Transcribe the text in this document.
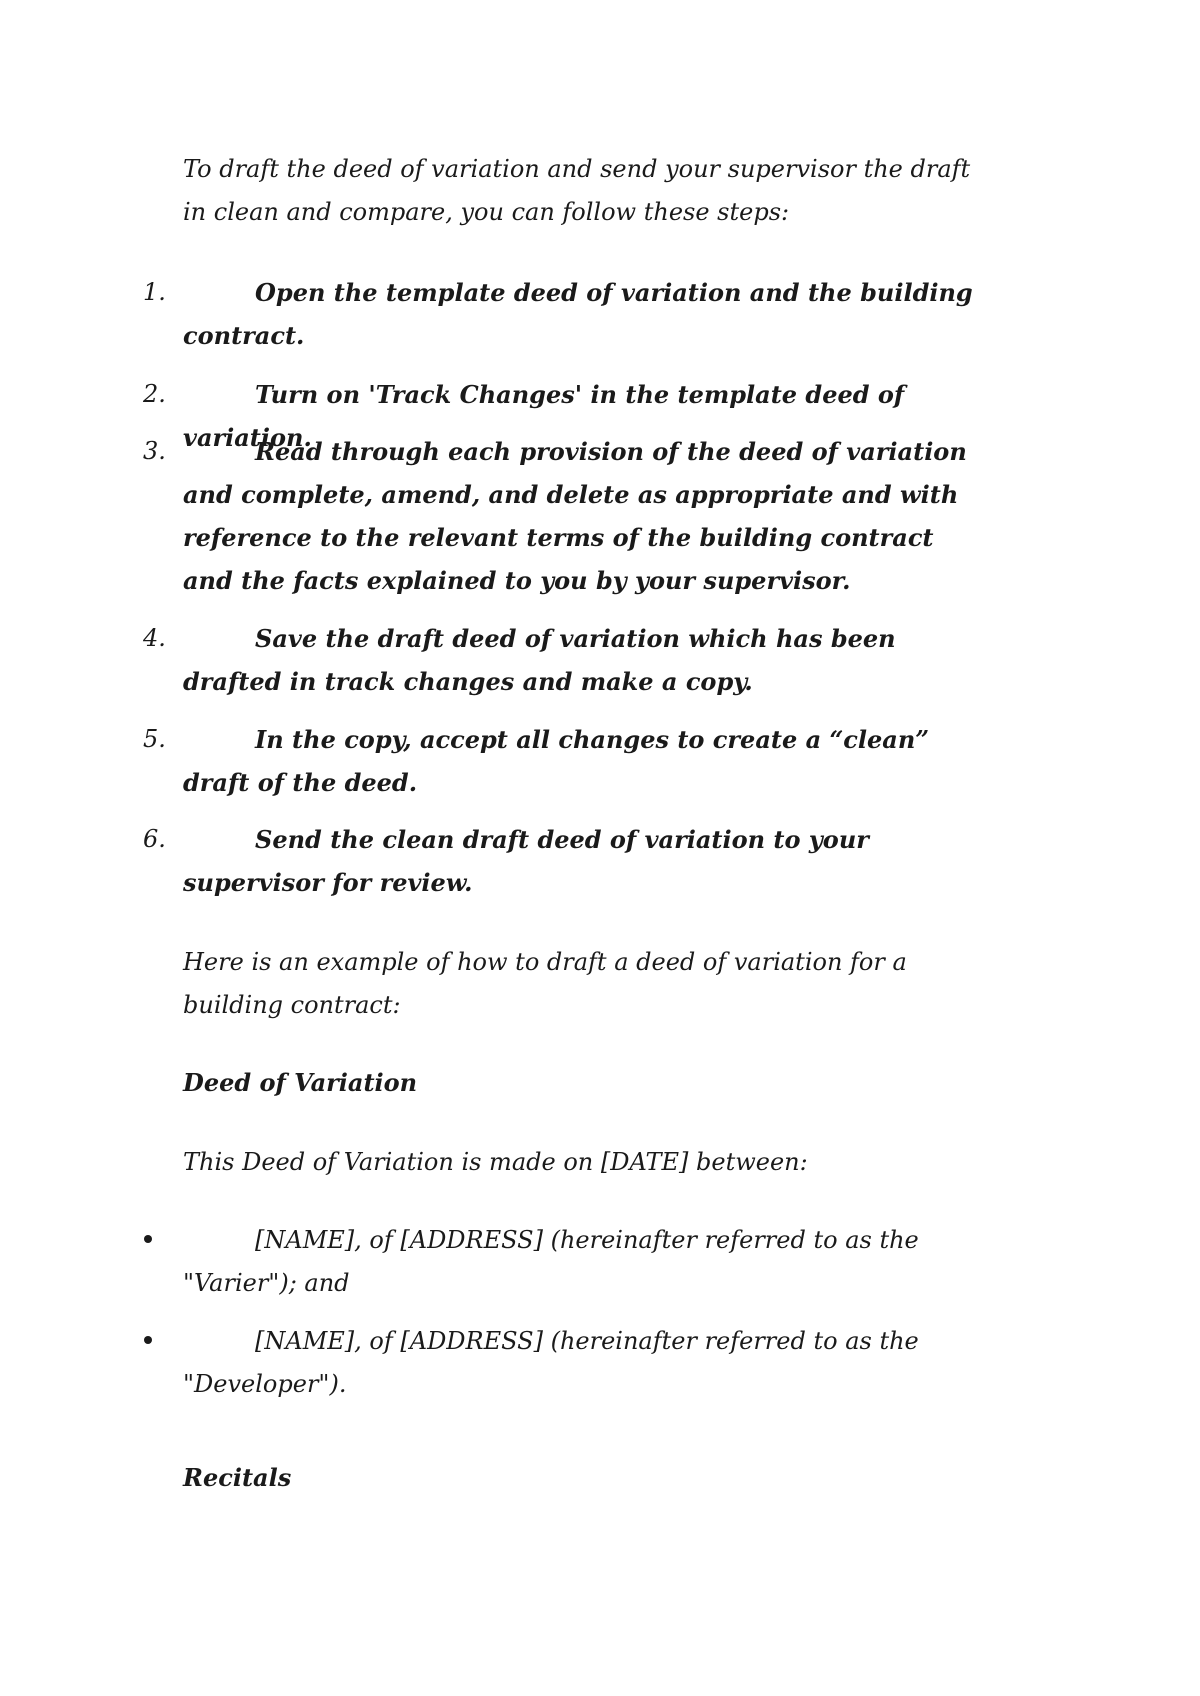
To draft the deed of variation and send your supervisor the draft in clean and compare, you can follow these steps:

1.	Open the template deed of variation and the building contract.
2.	Turn on 'Track Changes' in the template deed of variation.
3.	Read through each provision of the deed of variation and complete, amend, and delete as appropriate and with reference to the relevant terms of the building contract and the facts explained to you by your supervisor.
4.	Save the draft deed of variation which has been drafted in track changes and make a copy.
5.	In the copy, accept all changes to create a “clean” draft of the deed.
6.	Send the clean draft deed of variation to your supervisor for review.

Here is an example of how to draft a deed of variation for a building contract:

Deed of Variation

This Deed of Variation is made on [DATE] between:

[NAME], of [ADDRESS] (hereinafter referred to as the "Varier"); and
[NAME], of [ADDRESS] (hereinafter referred to as the "Developer").
Recitals
